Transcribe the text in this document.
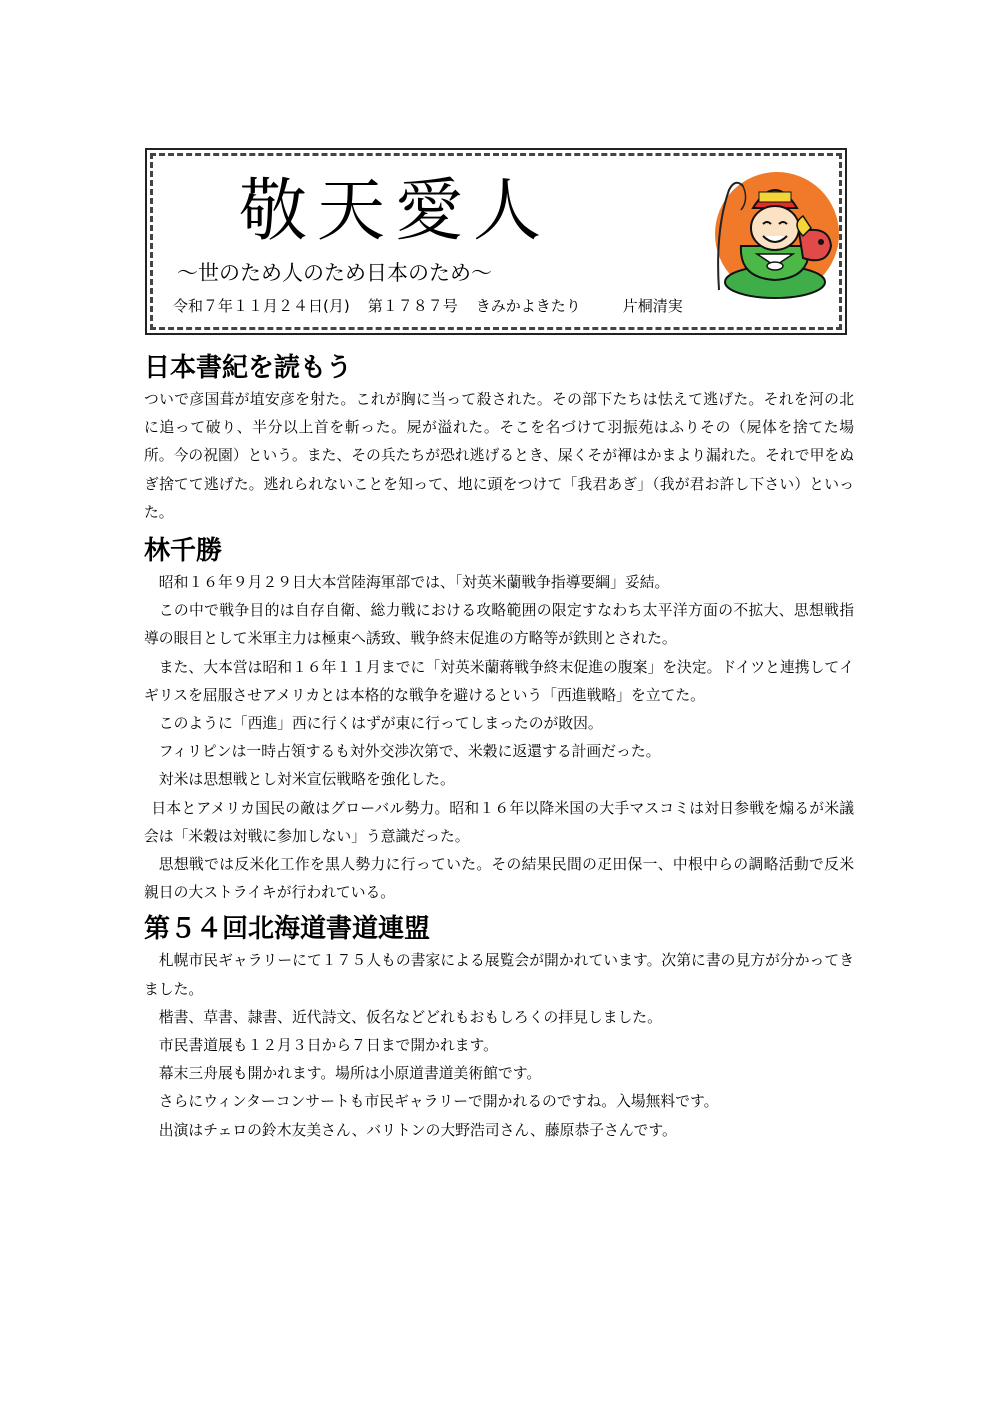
敬天愛人
～世のため人のため日本のため～
令和７年１１月２４日(月) 第１７８７号 きみかよきたり	片桐清実
日本書紀を読もう

ついで彦国葺が埴安彦を射た。これが胸に当って殺された。その部下たちは怯えて逃げた。それを河の北に追って破り、半分以上首を斬った。屍が溢れた。そこを名づけて羽振苑はふりその（屍体を捨てた場所。今の祝園）という。また、その兵たちが恐れ逃げるとき、屎くそが褌はかまより漏れた。それで甲をぬぎ捨てて逃げた。逃れられないことを知って、地に頭をつけて「我君あぎ」（我が君お許し下さい）といった。

林千勝

昭和１６年９月２９日大本営陸海軍部では、「対英米蘭戦争指導要綱」妥結。

この中で戦争目的は自存自衛、総力戦における攻略範囲の限定すなわち太平洋方面の不拡大、思想戦指導の眼目として米軍主力は極東へ誘致、戦争終末促進の方略等が鉄則とされた。

また、大本営は昭和１６年１１月までに「対英米蘭蒋戦争終末促進の腹案」を決定。ドイツと連携してイギリスを屈服させアメリカとは本格的な戦争を避けるという「西進戦略」を立てた。

このように「西進」西に行くはずが東に行ってしまったのが敗因。

フィリピンは一時占領するも対外交渉次第で、米穀に返還する計画だった。

対米は思想戦とし対米宣伝戦略を強化した。

日本とアメリカ国民の敵はグローバル勢力。昭和１６年以降米国の大手マスコミは対日参戦を煽るが米議会は「米穀は対戦に参加しない」う意識だった。

思想戦では反米化工作を黒人勢力に行っていた。その結果民間の疋田保一、中根中らの調略活動で反米親日の大ストライキが行われている。

第５４回北海道書道連盟

札幌市民ギャラリーにて１７５人もの書家による展覧会が開かれています。次第に書の見方が分かってきました。

楷書、草書、隷書、近代詩文、仮名などどれもおもしろくの拝見しました。

市民書道展も１２月３日から７日まで開かれます。

幕末三舟展も開かれます。場所は小原道書道美術館です。

さらにウィンターコンサートも市民ギャラリーで開かれるのですね。入場無料です。

出演はチェロの鈴木友美さん、バリトンの大野浩司さん、藤原恭子さんです。
